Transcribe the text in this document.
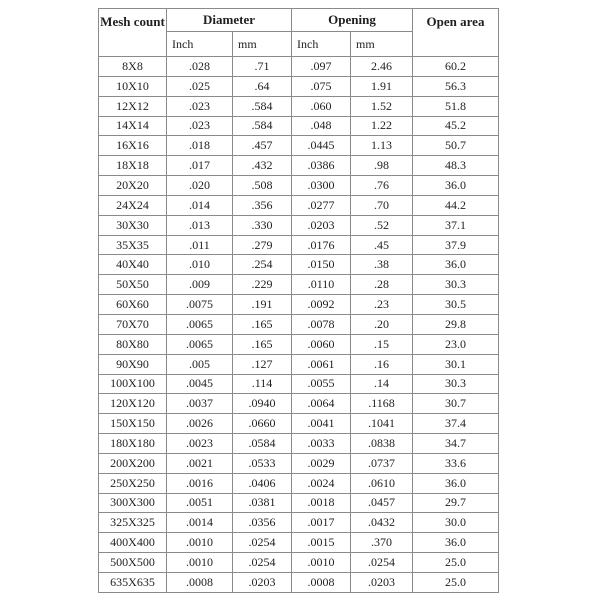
Mesh count	Diameter		Opening		Open area
	Inch	mm	Inch	mm	
8X8	.028	.71	.097	2.46	60.2
10X10	.025	.64	.075	1.91	56.3
12X12	.023	.584	.060	1.52	51.8
14X14	.023	.584	.048	1.22	45.2
16X16	.018	.457	.0445	1.13	50.7
18X18	.017	.432	.0386	.98	48.3
20X20	.020	.508	.0300	.76	36.0
24X24	.014	.356	.0277	.70	44.2
30X30	.013	.330	.0203	.52	37.1
35X35	.011	.279	.0176	.45	37.9
40X40	.010	.254	.0150	.38	36.0
50X50	.009	.229	.0110	.28	30.3
60X60	.0075	.191	.0092	.23	30.5
70X70	.0065	.165	.0078	.20	29.8
80X80	.0065	.165	.0060	.15	23.0
90X90	.005	.127	.0061	.16	30.1
100X100	.0045	.114	.0055	.14	30.3
120X120	.0037	.0940	.0064	.1168	30.7
150X150	.0026	.0660	.0041	.1041	37.4
180X180	.0023	.0584	.0033	.0838	34.7
200X200	.0021	.0533	.0029	.0737	33.6
250X250	.0016	.0406	.0024	.0610	36.0
300X300	.0051	.0381	.0018	.0457	29.7
325X325	.0014	.0356	.0017	.0432	30.0
400X400	.0010	.0254	.0015	.370	36.0
500X500	.0010	.0254	.0010	.0254	25.0
635X635	.0008	.0203	.0008	.0203	25.0
